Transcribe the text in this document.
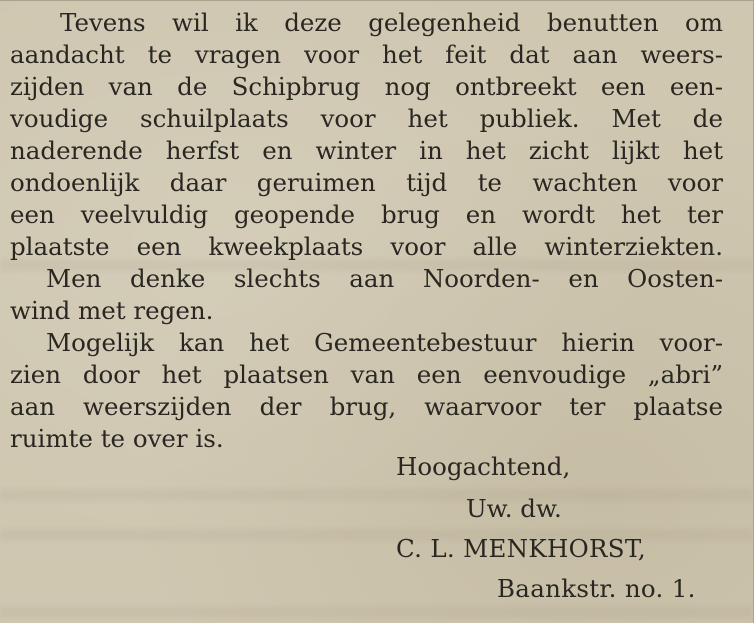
Tevens wil ik deze gelegenheid benutten om
aandacht te vragen voor het feit dat aan weers-
zijden van de Schipbrug nog ontbreekt een een-
voudige schuilplaats voor het publiek. Met de
naderende herfst en winter in het zicht lijkt het
ondoenlijk daar geruimen tijd te wachten voor
een veelvuldig geopende brug en wordt het ter
plaatste een kweekplaats voor alle winterziekten.
Men denke slechts aan Noorden- en Oosten-
wind met regen.
Mogelijk kan het Gemeentebestuur hierin voor-
zien door het plaatsen van een eenvoudige „abri”
aan weerszijden der brug, waarvoor ter plaatse
ruimte te over is.
Hoogachtend,
Uw. dw.
C. L. MENKHORST,
Baankstr. no. 1.
